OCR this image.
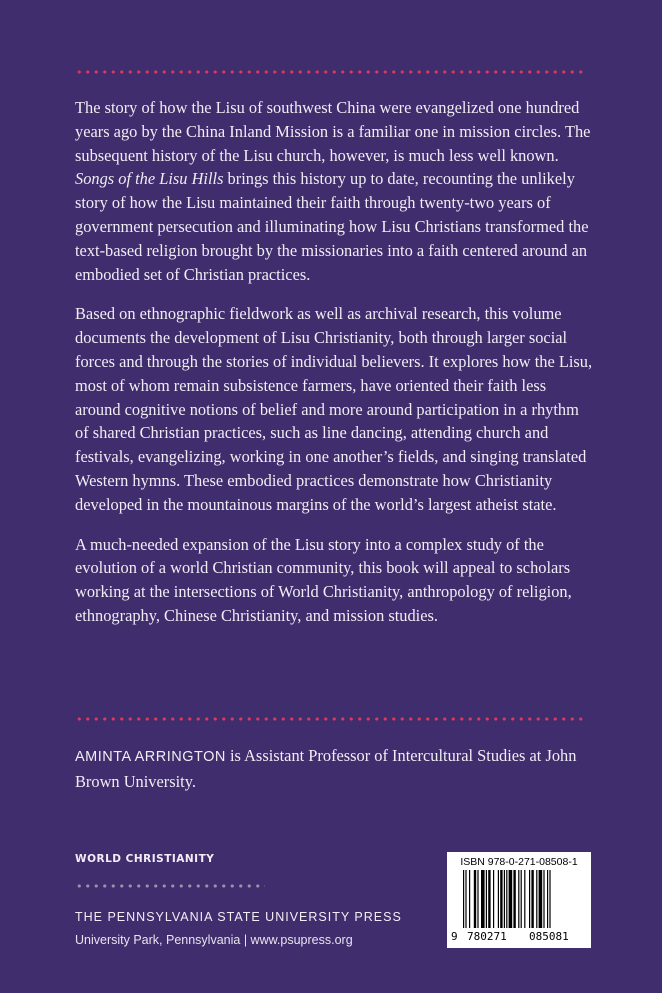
The story of how the Lisu of southwest China were evangelized one hundred years ago by the China Inland Mission is a familiar one in mission circles. The subsequent history of the Lisu church, however, is much less well known. Songs of the Lisu Hills brings this history up to date, recounting the unlikely story of how the Lisu maintained their faith through twenty-two years of government persecution and illuminating how Lisu Christians transformed the text-based religion brought by the missionaries into a faith centered around an embodied set of Christian practices.

Based on ethnographic fieldwork as well as archival research, this volume documents the development of Lisu Christianity, both through larger social forces and through the stories of individual believers. It explores how the Lisu, most of whom remain subsistence farmers, have oriented their faith less around cognitive notions of belief and more around participation in a rhythm of shared Christian practices, such as line dancing, attending church and festivals, evangelizing, working in one another’s fields, and singing translated Western hymns. These embodied practices demonstrate how Christianity developed in the mountainous margins of the world’s largest atheist state.

A much-needed expansion of the Lisu story into a complex study of the evolution of a world Christian community, this book will appeal to scholars working at the intersections of World Christianity, anthropology of religion, ethnography, Chinese Christianity, and mission studies.

AMINTA ARRINGTON is Assistant Professor of Intercultural Studies at John Brown University.
WORLD CHRISTIANITY
THE PENNSYLVANIA STATE UNIVERSITY PRESS
University Park, Pennsylvania | www.psupress.org
ISBN 978-0-271-08508-1
9 780271 085081
